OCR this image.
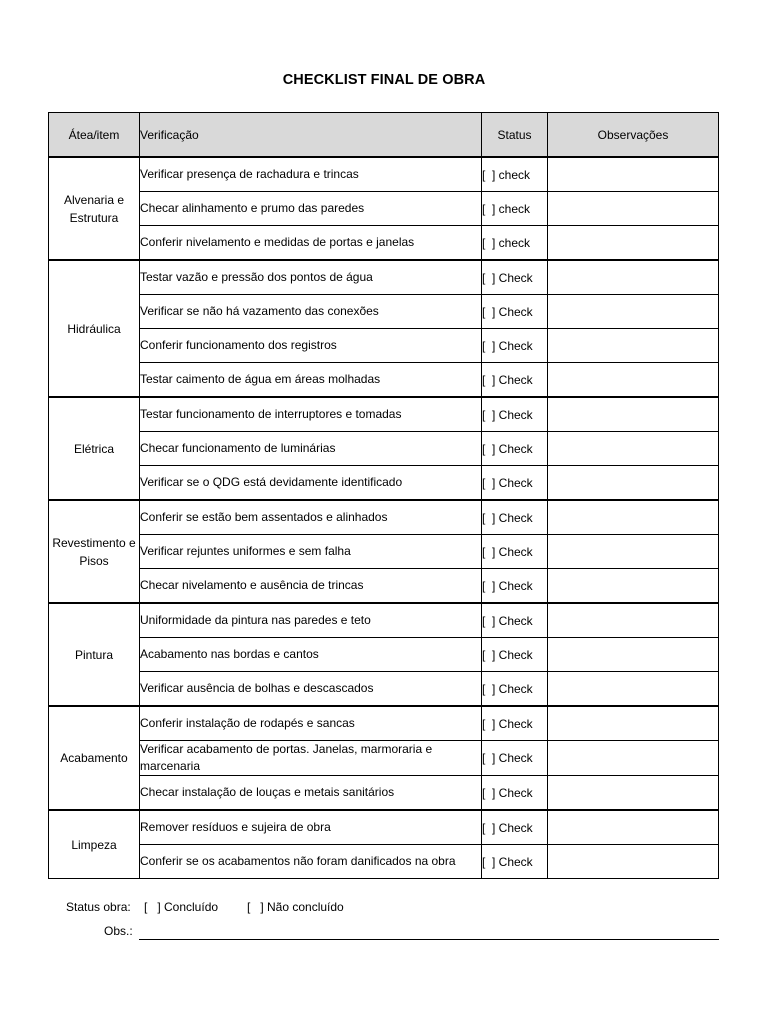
CHECKLIST FINAL DE OBRA
Átea/item	Verificação	Status	Observações
Alvenaria e Estrutura	Verificar presença de rachadura e trincas	[  ] check	
	Checar alinhamento e prumo das paredes	[  ] check	
	Conferir nivelamento e medidas de portas e janelas	[  ] check	
Hidráulica	Testar vazão e pressão dos pontos de água	[  ] Check	
	Verificar se não há vazamento das conexões	[  ] Check	
	Conferir funcionamento dos registros	[  ] Check	
	Testar caimento de água em áreas molhadas	[  ] Check	
Elétrica	Testar funcionamento de interruptores e tomadas	[  ] Check	
	Checar funcionamento de luminárias	[  ] Check	
	Verificar se o QDG está devidamente identificado	[  ] Check	
Revestimento e Pisos	Conferir se estão bem assentados e alinhados	[  ] Check	
	Verificar rejuntes uniformes e sem falha	[  ] Check	
	Checar nivelamento e ausência de trincas	[  ] Check	
Pintura	Uniformidade da pintura nas paredes e teto	[  ] Check	
	Acabamento nas bordas e cantos	[  ] Check	
	Verificar ausência de bolhas e descascados	[  ] Check	
Acabamento	Conferir instalação de rodapés e sancas	[  ] Check	
	Verificar acabamento de portas. Janelas, marmoraria e marcenaria	[  ] Check	
	Checar instalação de louças e metais sanitários	[  ] Check	
Limpeza	Remover resíduos e sujeira de obra	[  ] Check	
	Conferir se os acabamentos não foram danificados na obra	[  ] Check	
Status obra: [   ] Concluído [   ] Não concluído
Obs.:
